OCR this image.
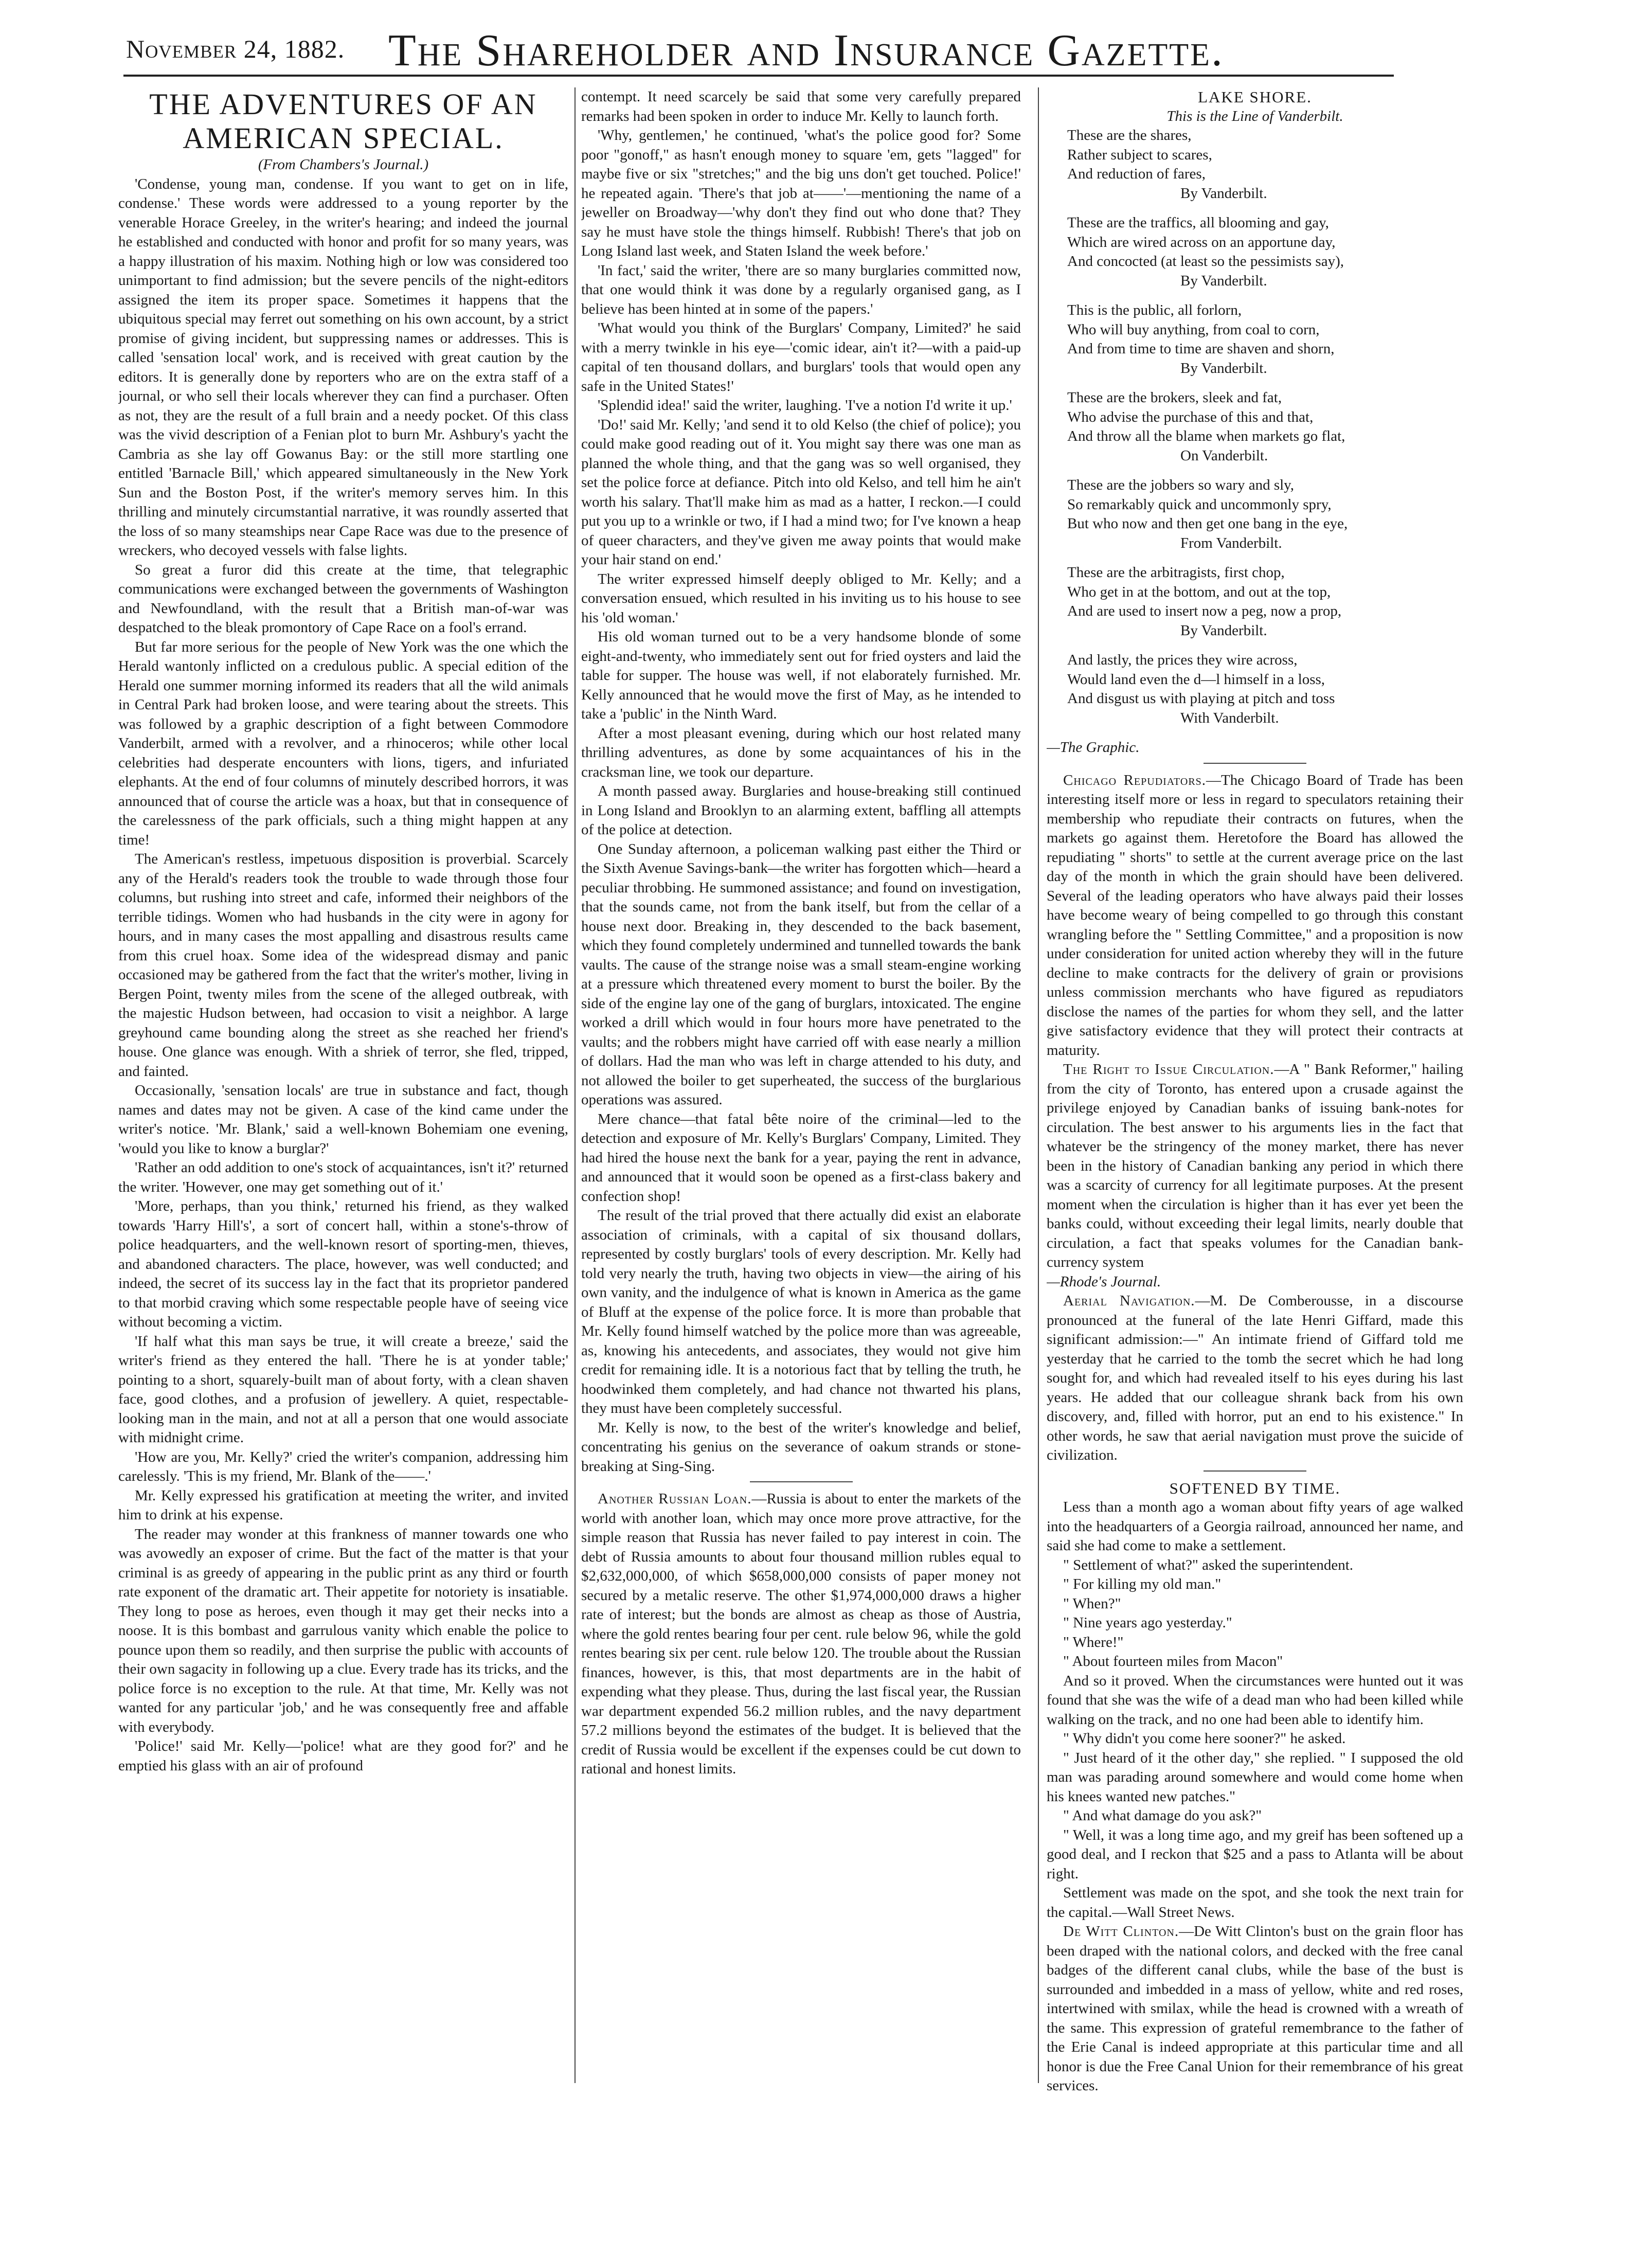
November 24, 1882. The Shareholder and Insurance Gazette.

THE ADVENTURES OF AN AMERICAN SPECIAL.

(From Chambers's Journal.)

'Condense, young man, condense. If you want to get on in life, condense.' These words were addressed to a young reporter by the venerable Horace Greeley, in the writer's hearing; and indeed the journal he established and conducted with honor and profit for so many years, was a happy illustration of his maxim. Nothing high or low was considered too unimportant to find admission; but the severe pencils of the night-editors assigned the item its proper space. Sometimes it happens that the ubiquitous special may ferret out something on his own account, by a strict promise of giving incident, but suppressing names or addresses. This is called 'sensation local' work, and is received with great caution by the editors. It is generally done by reporters who are on the extra staff of a journal, or who sell their locals wherever they can find a purchaser. Often as not, they are the result of a full brain and a needy pocket. Of this class was the vivid description of a Fenian plot to burn Mr. Ashbury's yacht the Cambria as she lay off Gowanus Bay: or the still more startling one entitled 'Barnacle Bill,' which appeared simultaneously in the New York Sun and the Boston Post, if the writer's memory serves him. In this thrilling and minutely circumstantial narrative, it was roundly asserted that the loss of so many steamships near Cape Race was due to the presence of wreckers, who decoyed vessels with false lights.

So great a furor did this create at the time, that telegraphic communications were exchanged between the governments of Washington and Newfoundland, with the result that a British man-of-war was despatched to the bleak promontory of Cape Race on a fool's errand.

But far more serious for the people of New York was the one which the Herald wantonly inflicted on a credulous public. A special edition of the Herald one summer morning informed its readers that all the wild animals in Central Park had broken loose, and were tearing about the streets. This was followed by a graphic description of a fight between Commodore Vanderbilt, armed with a revolver, and a rhinoceros; while other local celebrities had desperate encounters with lions, tigers, and infuriated elephants. At the end of four columns of minutely described horrors, it was announced that of course the article was a hoax, but that in consequence of the carelessness of the park officials, such a thing might happen at any time!

The American's restless, impetuous disposition is proverbial. Scarcely any of the Herald's readers took the trouble to wade through those four columns, but rushing into street and cafe, informed their neighbors of the terrible tidings. Women who had husbands in the city were in agony for hours, and in many cases the most appalling and disastrous results came from this cruel hoax. Some idea of the widespread dismay and panic occasioned may be gathered from the fact that the writer's mother, living in Bergen Point, twenty miles from the scene of the alleged outbreak, with the majestic Hudson between, had occasion to visit a neighbor. A large greyhound came bounding along the street as she reached her friend's house. One glance was enough. With a shriek of terror, she fled, tripped, and fainted.

Occasionally, 'sensation locals' are true in substance and fact, though names and dates may not be given. A case of the kind came under the writer's notice. 'Mr. Blank,' said a well-known Bohemiam one evening, 'would you like to know a burglar?'

'Rather an odd addition to one's stock of acquaintances, isn't it?' returned the writer. 'However, one may get something out of it.'

'More, perhaps, than you think,' returned his friend, as they walked towards 'Harry Hill's', a sort of concert hall, within a stone's-throw of police headquarters, and the well-known resort of sporting-men, thieves, and abandoned characters. The place, however, was well conducted; and indeed, the secret of its success lay in the fact that its proprietor pandered to that morbid craving which some respectable people have of seeing vice without becoming a victim.

'If half what this man says be true, it will create a breeze,' said the writer's friend as they entered the hall. 'There he is at yonder table;' pointing to a short, squarely-built man of about forty, with a clean shaven face, good clothes, and a profusion of jewellery. A quiet, respectable-looking man in the main, and not at all a person that one would associate with midnight crime.

'How are you, Mr. Kelly?' cried the writer's companion, addressing him carelessly. 'This is my friend, Mr. Blank of the——.'

Mr. Kelly expressed his gratification at meeting the writer, and invited him to drink at his expense.

The reader may wonder at this frankness of manner towards one who was avowedly an exposer of crime. But the fact of the matter is that your criminal is as greedy of appearing in the public print as any third or fourth rate exponent of the dramatic art. Their appetite for notoriety is insatiable. They long to pose as heroes, even though it may get their necks into a noose. It is this bombast and garrulous vanity which enable the police to pounce upon them so readily, and then surprise the public with accounts of their own sagacity in following up a clue. Every trade has its tricks, and the police force is no exception to the rule. At that time, Mr. Kelly was not wanted for any particular 'job,' and he was consequently free and affable with everybody.

'Police!' said Mr. Kelly—'police! what are they good for?' and he emptied his glass with an air of profound

contempt. It need scarcely be said that some very carefully prepared remarks had been spoken in order to induce Mr. Kelly to launch forth.

'Why, gentlemen,' he continued, 'what's the police good for? Some poor "gonoff," as hasn't enough money to square 'em, gets "lagged" for maybe five or six "stretches;" and the big uns don't get touched. Police!' he repeated again. 'There's that job at——'—mentioning the name of a jeweller on Broadway—'why don't they find out who done that? They say he must have stole the things himself. Rubbish! There's that job on Long Island last week, and Staten Island the week before.'

'In fact,' said the writer, 'there are so many burglaries committed now, that one would think it was done by a regularly organised gang, as I believe has been hinted at in some of the papers.'

'What would you think of the Burglars' Company, Limited?' he said with a merry twinkle in his eye—'comic idear, ain't it?—with a paid-up capital of ten thousand dollars, and burglars' tools that would open any safe in the United States!'

'Splendid idea!' said the writer, laughing. 'I've a notion I'd write it up.'

'Do!' said Mr. Kelly; 'and send it to old Kelso (the chief of police); you could make good reading out of it. You might say there was one man as planned the whole thing, and that the gang was so well organised, they set the police force at defiance. Pitch into old Kelso, and tell him he ain't worth his salary. That'll make him as mad as a hatter, I reckon.—I could put you up to a wrinkle or two, if I had a mind two; for I've known a heap of queer characters, and they've given me away points that would make your hair stand on end.'

The writer expressed himself deeply obliged to Mr. Kelly; and a conversation ensued, which resulted in his inviting us to his house to see his 'old woman.'

His old woman turned out to be a very handsome blonde of some eight-and-twenty, who immediately sent out for fried oysters and laid the table for supper. The house was well, if not elaborately furnished. Mr. Kelly announced that he would move the first of May, as he intended to take a 'public' in the Ninth Ward.

After a most pleasant evening, during which our host related many thrilling adventures, as done by some acquaintances of his in the cracksman line, we took our departure.

A month passed away. Burglaries and house-breaking still continued in Long Island and Brooklyn to an alarming extent, baffling all attempts of the police at detection.

One Sunday afternoon, a policeman walking past either the Third or the Sixth Avenue Savings-bank—the writer has forgotten which—heard a peculiar throbbing. He summoned assistance; and found on investigation, that the sounds came, not from the bank itself, but from the cellar of a house next door. Breaking in, they descended to the back basement, which they found completely undermined and tunnelled towards the bank vaults. The cause of the strange noise was a small steam-engine working at a pressure which threatened every moment to burst the boiler. By the side of the engine lay one of the gang of burglars, intoxicated. The engine worked a drill which would in four hours more have penetrated to the vaults; and the robbers might have carried off with ease nearly a million of dollars. Had the man who was left in charge attended to his duty, and not allowed the boiler to get superheated, the success of the burglarious operations was assured.

Mere chance—that fatal bête noire of the criminal—led to the detection and exposure of Mr. Kelly's Burglars' Company, Limited. They had hired the house next the bank for a year, paying the rent in advance, and announced that it would soon be opened as a first-class bakery and confection shop!

The result of the trial proved that there actually did exist an elaborate association of criminals, with a capital of six thousand dollars, represented by costly burglars' tools of every description. Mr. Kelly had told very nearly the truth, having two objects in view—the airing of his own vanity, and the indulgence of what is known in America as the game of Bluff at the expense of the police force. It is more than probable that Mr. Kelly found himself watched by the police more than was agreeable, as, knowing his antecedents, and associates, they would not give him credit for remaining idle. It is a notorious fact that by telling the truth, he hoodwinked them completely, and had chance not thwarted his plans, they must have been completely successful.

Mr. Kelly is now, to the best of the writer's knowledge and belief, concentrating his genius on the severance of oakum strands or stone-breaking at Sing-Sing.

Another Russian Loan.—Russia is about to enter the markets of the world with another loan, which may once more prove attractive, for the simple reason that Russia has never failed to pay interest in coin. The debt of Russia amounts to about four thousand million rubles equal to $2,632,000,000, of which $658,000,000 consists of paper money not secured by a metalic reserve. The other $1,974,000,000 draws a higher rate of interest; but the bonds are almost as cheap as those of Austria, where the gold rentes bearing four per cent. rule below 96, while the gold rentes bearing six per cent. rule below 120. The trouble about the Russian finances, however, is this, that most departments are in the habit of expending what they please. Thus, during the last fiscal year, the Russian war department expended 56.2 million rubles, and the navy department 57.2 millions beyond the estimates of the budget. It is believed that the credit of Russia would be excellent if the expenses could be cut down to rational and honest limits.

LAKE SHORE.

This is the Line of Vanderbilt.

These are the shares,
Rather subject to scares,
And reduction of fares,
By Vanderbilt.
These are the traffics, all blooming and gay,
Which are wired across on an apportune day,
And concocted (at least so the pessimists say),
By Vanderbilt.
This is the public, all forlorn,
Who will buy anything, from coal to corn,
And from time to time are shaven and shorn,
By Vanderbilt.
These are the brokers, sleek and fat,
Who advise the purchase of this and that,
And throw all the blame when markets go flat,
On Vanderbilt.
These are the jobbers so wary and sly,
So remarkably quick and uncommonly spry,
But who now and then get one bang in the eye,
From Vanderbilt.
These are the arbitragists, first chop,
Who get in at the bottom, and out at the top,
And are used to insert now a peg, now a prop,
By Vanderbilt.
And lastly, the prices they wire across,
Would land even the d—l himself in a loss,
And disgust us with playing at pitch and toss
With Vanderbilt.

—The Graphic.

Chicago Repudiators.—The Chicago Board of Trade has been interesting itself more or less in regard to speculators retaining their membership who repudiate their contracts on futures, when the markets go against them. Heretofore the Board has allowed the repudiating " shorts" to settle at the current average price on the last day of the month in which the grain should have been delivered. Several of the leading operators who have always paid their losses have become weary of being compelled to go through this constant wrangling before the " Settling Committee," and a proposition is now under consideration for united action whereby they will in the future decline to make contracts for the delivery of grain or provisions unless commission merchants who have figured as repudiators disclose the names of the parties for whom they sell, and the latter give satisfactory evidence that they will protect their contracts at maturity.

The Right to Issue Circulation.—A " Bank Reformer," hailing from the city of Toronto, has entered upon a crusade against the privilege enjoyed by Canadian banks of issuing bank-notes for circulation. The best answer to his arguments lies in the fact that whatever be the stringency of the money market, there has never been in the history of Canadian banking any period in which there was a scarcity of currency for all legitimate purposes. At the present moment when the circulation is higher than it has ever yet been the banks could, without exceeding their legal limits, nearly double that circulation, a fact that speaks volumes for the Canadian bank-currency system

—Rhode's Journal.

Aerial Navigation.—M. De Comberousse, in a discourse pronounced at the funeral of the late Henri Giffard, made this significant admission:—" An intimate friend of Giffard told me yesterday that he carried to the tomb the secret which he had long sought for, and which had revealed itself to his eyes during his last years. He added that our colleague shrank back from his own discovery, and, filled with horror, put an end to his existence." In other words, he saw that aerial navigation must prove the suicide of civilization.

SOFTENED BY TIME.

Less than a month ago a woman about fifty years of age walked into the headquarters of a Georgia railroad, announced her name, and said she had come to make a settlement.

" Settlement of what?" asked the superintendent.

" For killing my old man."

" When?"

" Nine years ago yesterday."

" Where!"

" About fourteen miles from Macon"

And so it proved. When the circumstances were hunted out it was found that she was the wife of a dead man who had been killed while walking on the track, and no one had been able to identify him.

" Why didn't you come here sooner?" he asked.

" Just heard of it the other day," she replied. " I supposed the old man was parading around somewhere and would come home when his knees wanted new patches."

" And what damage do you ask?"

" Well, it was a long time ago, and my greif has been softened up a good deal, and I reckon that $25 and a pass to Atlanta will be about right.

Settlement was made on the spot, and she took the next train for the capital.—Wall Street News.

De Witt Clinton.—De Witt Clinton's bust on the grain floor has been draped with the national colors, and decked with the free canal badges of the different canal clubs, while the base of the bust is surrounded and imbedded in a mass of yellow, white and red roses, intertwined with smilax, while the head is crowned with a wreath of the same. This expression of grateful remembrance to the father of the Erie Canal is indeed appropriate at this particular time and all honor is due the Free Canal Union for their remembrance of his great services.
